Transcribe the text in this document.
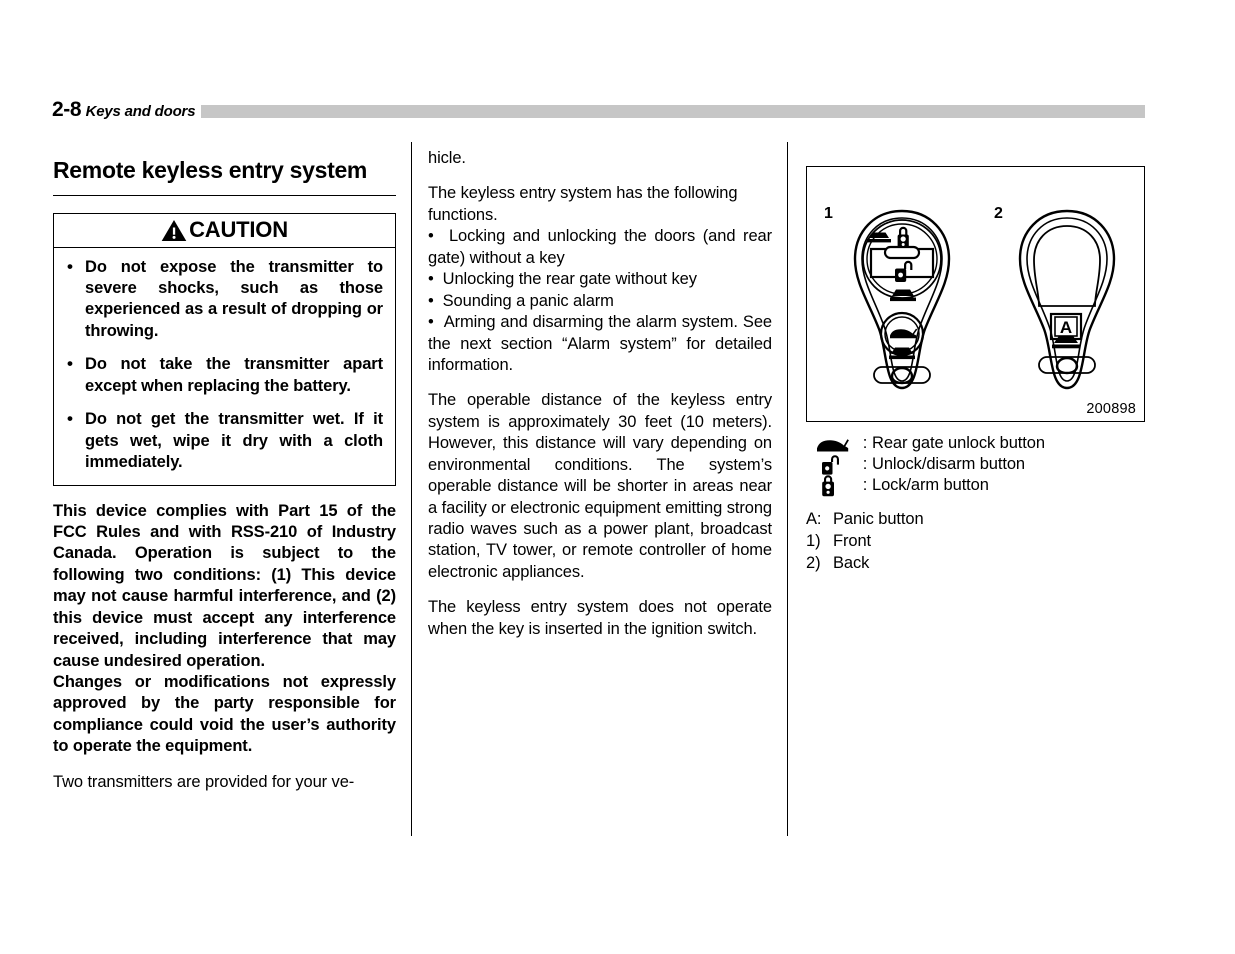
2-8 Keys and doors
Remote keyless entry system
CAUTION
• Do not expose the transmitter to severe shocks, such as those experienced as a result of dropping or throwing.
• Do not take the transmitter apart except when replacing the battery.
• Do not get the transmitter wet. If it gets wet, wipe it dry with a cloth immediately.

This device complies with Part 15 of the FCC Rules and with RSS-210 of Industry Canada. Operation is subject to the following two conditions: (1) This device may not cause harmful interference, and (2) this device must accept any interference received, including interference that may cause undesired operation.

Changes or modifications not expressly approved by the party responsible for compliance could void the user’s authority to operate the equipment.

Two transmitters are provided for your ve-

hicle.

The keyless entry system has the following functions.

•  Locking and unlocking the doors (and rear gate) without a key

•  Unlocking the rear gate without key

•  Sounding a panic alarm

•  Arming and disarming the alarm system. See the next section “Alarm system” for detailed information.

The operable distance of the keyless entry system is approximately 30 feet (10 meters). However, this distance will vary depending on environmental conditions. The system’s operable distance will be shorter in areas near a facility or electronic equipment emitting strong radio waves such as a power plant, broadcast station, TV tower, or remote controller of home electronic appliances.

The keyless entry system does not operate when the key is inserted in the ignition switch.

1	2
A
200898
: Rear gate unlock button
: Unlock/disarm button
: Lock/arm button
A: Panic button
1) Front
2) Back
